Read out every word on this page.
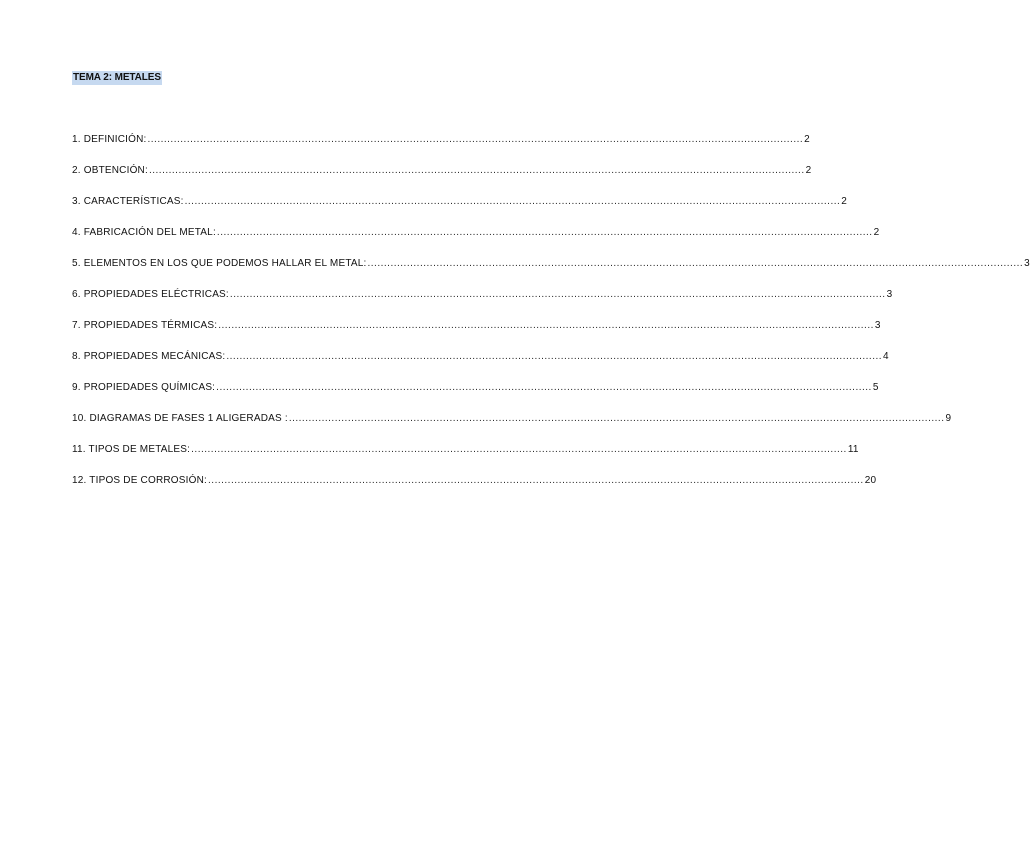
TEMA 2: METALES
1. DEFINICIÓN: ........................................................................................................................................................................................................ 2
2. OBTENCIÓN: ........................................................................................................................................................................................................ 2
3. CARACTERÍSTICAS: ........................................................................................................................................................................................................ 2
4. FABRICACIÓN DEL METAL: ........................................................................................................................................................................................................ 2
5. ELEMENTOS EN LOS QUE PODEMOS HALLAR EL METAL: ........................................................................................................................................................................................................ 3
6. PROPIEDADES ELÉCTRICAS: ........................................................................................................................................................................................................ 3
7. PROPIEDADES TÉRMICAS: ........................................................................................................................................................................................................ 3
8. PROPIEDADES MECÁNICAS: ........................................................................................................................................................................................................ 4
9. PROPIEDADES QUÍMICAS: ........................................................................................................................................................................................................ 5
10. DIAGRAMAS DE FASES 1 ALIGERADAS : ........................................................................................................................................................................................................ 9
11. TIPOS DE METALES: ........................................................................................................................................................................................................ 11
12. TIPOS DE CORROSIÓN: ........................................................................................................................................................................................................ 20
